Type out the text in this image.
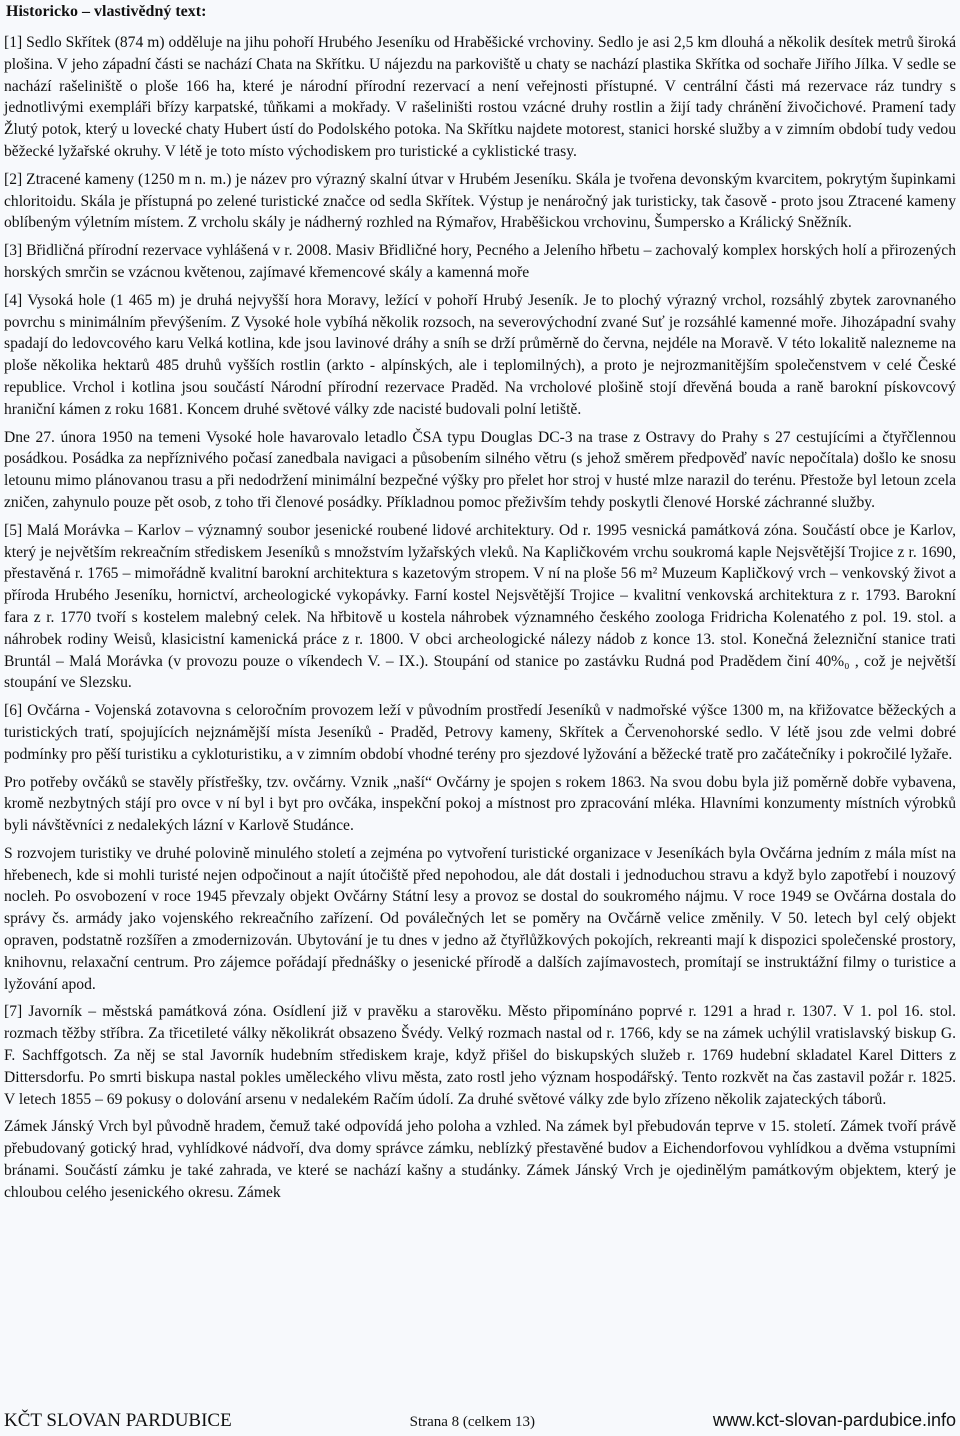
Historicko – vlastivědný text:

[1] Sedlo Skřítek (874 m) odděluje na jihu pohoří Hrubého Jeseníku od Hraběšické vrchoviny. Sedlo je asi 2,5 km dlouhá a několik desítek metrů široká plošina. V jeho západní části se nachází Chata na Skřítku. U nájezdu na parkoviště u chaty se nachází plastika Skřítka od sochaře Jiřího Jílka. V sedle se nachází rašeliniště o ploše 166 ha, které je národní přírodní rezervací a není veřejnosti přístupné. V centrální části má rezervace ráz tundry s jednotlivými exempláři břízy karpatské, tůňkami a mokřady. V rašeliništi rostou vzácné druhy rostlin a žijí tady chránění živočichové. Pramení tady Žlutý potok, který u lovecké chaty Hubert ústí do Podolského potoka. Na Skřítku najdete motorest, stanici horské služby a v zimním období tudy vedou běžecké lyžařské okruhy. V létě je toto místo východiskem pro turistické a cyklistické trasy.

[2] Ztracené kameny (1250 m n. m.) je název pro výrazný skalní útvar v Hrubém Jeseníku. Skála je tvořena devonským kvarcitem, pokrytým šupinkami chloritoidu. Skála je přístupná po zelené turistické značce od sedla Skřítek. Výstup je nenáročný jak turisticky, tak časově - proto jsou Ztracené kameny oblíbeným výletním místem. Z vrcholu skály je nádherný rozhled na Rýmařov, Hraběšickou vrchovinu, Šumpersko a Králický Sněžník.

[3] Břidličná přírodní rezervace vyhlášená v r. 2008. Masiv Břidličné hory, Pecného a Jeleního hřbetu – zachovalý komplex horských holí a přirozených horských smrčin se vzácnou květenou, zajímavé křemencové skály a kamenná moře

[4] Vysoká hole (1 465 m) je druhá nejvyšší hora Moravy, ležící v pohoří Hrubý Jeseník. Je to plochý výrazný vrchol, rozsáhlý zbytek zarovnaného povrchu s minimálním převýšením. Z Vysoké hole vybíhá několik rozsoch, na severovýchodní zvané Suť je rozsáhlé kamenné moře. Jihozápadní svahy spadají do ledovcového karu Velká kotlina, kde jsou lavinové dráhy a sníh se drží průměrně do června, nejdéle na Moravě. V této lokalitě nalezneme na ploše několika hektarů 485 druhů vyšších rostlin (arkto - alpínských, ale i teplomilných), a proto je nejrozmanitějším společenstvem v celé České republice. Vrchol i kotlina jsou součástí Národní přírodní rezervace Praděd. Na vrcholové plošině stojí dřevěná bouda a raně barokní pískovcový hraniční kámen z roku 1681. Koncem druhé světové války zde nacisté budovali polní letiště.

Dne 27. února 1950 na temeni Vysoké hole havarovalo letadlo ČSA typu Douglas DC-3 na trase z Ostravy do Prahy s 27 cestujícími a čtyřčlennou posádkou. Posádka za nepříznivého počasí zanedbala navigaci a působením silného větru (s jehož směrem předpověď navíc nepočítala) došlo ke snosu letounu mimo plánovanou trasu a při nedodržení minimální bezpečné výšky pro přelet hor stroj v husté mlze narazil do terénu. Přestože byl letoun zcela zničen, zahynulo pouze pět osob, z toho tři členové posádky. Příkladnou pomoc přeživším tehdy poskytli členové Horské záchranné služby.

[5] Malá Morávka – Karlov – významný soubor jesenické roubené lidové architektury. Od r. 1995 vesnická památková zóna. Součástí obce je Karlov, který je největším rekreačním střediskem Jeseníků s množstvím lyžařských vleků. Na Kapličkovém vrchu soukromá kaple Nejsvětější Trojice z r. 1690, přestavěná r. 1765 – mimořádně kvalitní barokní architektura s kazetovým stropem. V ní na ploše 56 m² Muzeum Kapličkový vrch – venkovský život a příroda Hrubého Jeseníku, hornictví, archeologické vykopávky. Farní kostel Nejsvětější Trojice – kvalitní venkovská architektura z r. 1793. Barokní fara z r. 1770 tvoří s kostelem malebný celek. Na hřbitově u kostela náhrobek významného českého zoologa Fridricha Kolenatého z pol. 19. stol. a náhrobek rodiny Weisů, klasicistní kamenická práce z r. 1800. V obci archeologické nálezy nádob z konce 13. stol. Konečná železniční stanice trati Bruntál – Malá Morávka (v provozu pouze o víkendech V. – IX.). Stoupání od stanice po zastávku Rudná pod Pradědem činí 40%₀ , což je největší stoupání ve Slezsku.

[6] Ovčárna - Vojenská zotavovna s celoročním provozem leží v původním prostředí Jeseníků v nadmořské výšce 1300 m, na křižovatce běžeckých a turistických tratí, spojujících nejznámější místa Jeseníků - Praděd, Petrovy kameny, Skřítek a Červenohorské sedlo. V létě jsou zde velmi dobré podmínky pro pěší turistiku a cykloturistiku, a v zimním období vhodné terény pro sjezdové lyžování a běžecké tratě pro začátečníky i pokročilé lyžaře.

Pro potřeby ovčáků se stavěly přístřešky, tzv. ovčárny. Vznik „naší“ Ovčárny je spojen s rokem 1863. Na svou dobu byla již poměrně dobře vybavena, kromě nezbytných stájí pro ovce v ní byl i byt pro ovčáka, inspekční pokoj a místnost pro zpracování mléka. Hlavními konzumenty místních výrobků byli návštěvníci z nedalekých lázní v Karlově Studánce.

S rozvojem turistiky ve druhé polovině minulého století a zejména po vytvoření turistické organizace v Jeseníkách byla Ovčárna jedním z mála míst na hřebenech, kde si mohli turisté nejen odpočinout a najít útočiště před nepohodou, ale dát dostali i jednoduchou stravu a když bylo zapotřebí i nouzový nocleh. Po osvobození v roce 1945 převzaly objekt Ovčárny Státní lesy a provoz se dostal do soukromého nájmu. V roce 1949 se Ovčárna dostala do správy čs. armády jako vojenského rekreačního zařízení. Od poválečných let se poměry na Ovčárně velice změnily. V 50. letech byl celý objekt opraven, podstatně rozšířen a zmodernizován. Ubytování je tu dnes v jedno až čtyřlůžkových pokojích, rekreanti mají k dispozici společenské prostory, knihovnu, relaxační centrum. Pro zájemce pořádají přednášky o jesenické přírodě a dalších zajímavostech, promítají se instruktážní filmy o turistice a lyžování apod.

[7] Javorník – městská památková zóna. Osídlení již v pravěku a starověku. Město připomínáno poprvé r. 1291 a hrad r. 1307. V 1. pol 16. stol. rozmach těžby stříbra. Za třicetileté války několikrát obsazeno Švédy. Velký rozmach nastal od r. 1766, kdy se na zámek uchýlil vratislavský biskup G. F. Sachffgotsch. Za něj se stal Javorník hudebním střediskem kraje, když přišel do biskupských služeb r. 1769 hudební skladatel Karel Ditters z Dittersdorfu. Po smrti biskupa nastal pokles uměleckého vlivu města, zato rostl jeho význam hospodářský. Tento rozkvět na čas zastavil požár r. 1825. V letech 1855 – 69 pokusy o dolování arsenu v nedalekém Račím údolí. Za druhé světové války zde bylo zřízeno několik zajateckých táborů.

Zámek Jánský Vrch byl původně hradem, čemuž také odpovídá jeho poloha a vzhled. Na zámek byl přebudován teprve v 15. století. Zámek tvoří právě přebudovaný gotický hrad, vyhlídkové nádvoří, dva domy správce zámku, neblízký přestavěné budov a Eichendorfovou vyhlídkou a dvěma vstupními bránami. Součástí zámku je také zahrada, ve které se nachází kašny a studánky. Zámek Jánský Vrch je ojedinělým památkovým objektem, který je chloubou celého jesenického okresu. Zámek

KČT SLOVAN PARDUBICE	Strana 8 (celkem 13)	www.kct-slovan-pardubice.info
